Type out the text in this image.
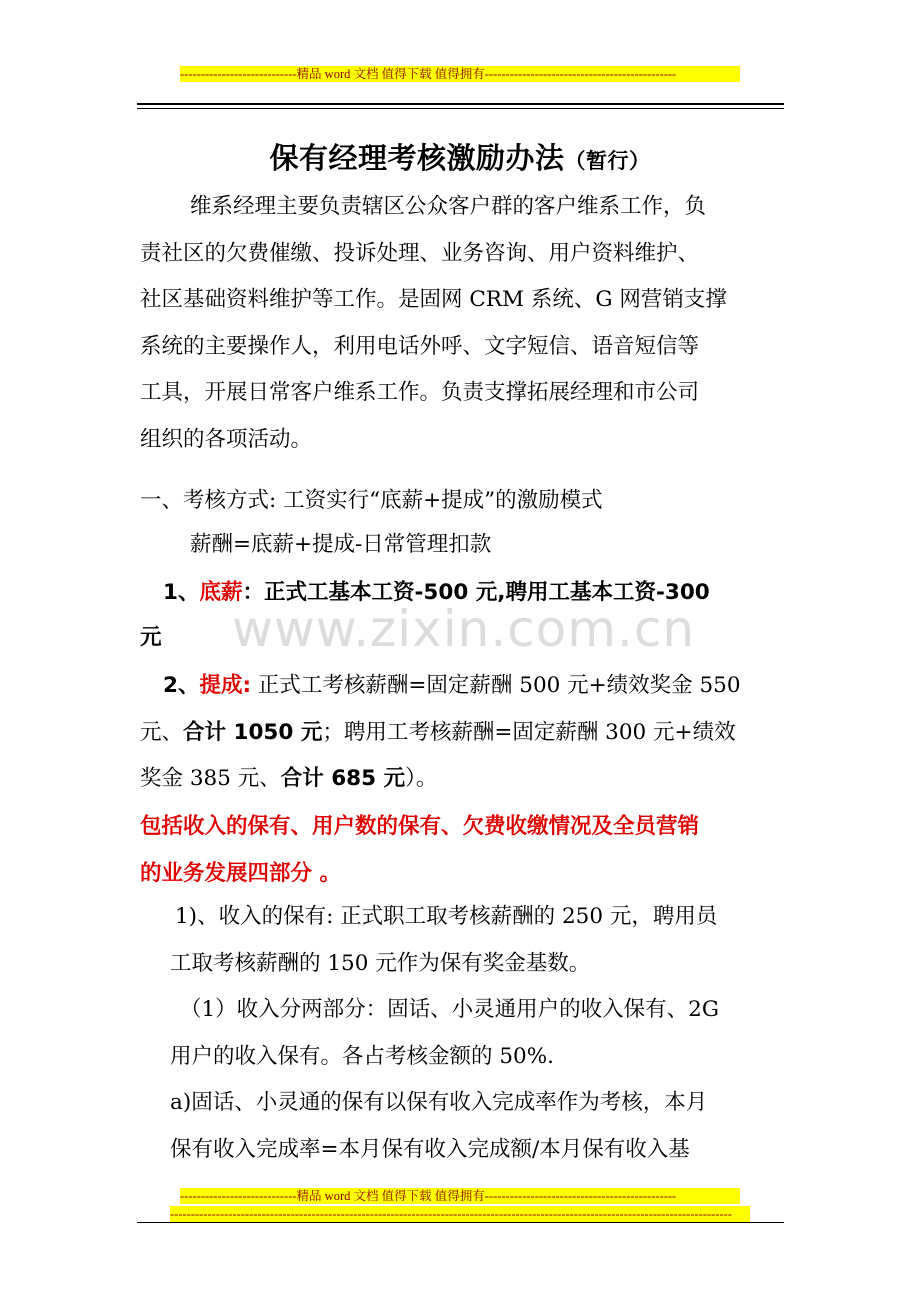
----------------------------精品 word 文档 值得下载 值得拥有----------------------------------------------
保有经理考核激励办法（暂行）
维系经理主要负责辖区公众客户群的客户维系工作，负
责社区的欠费催缴、投诉处理、业务咨询、用户资料维护、
社区基础资料维护等工作。是固网 CRM 系统、G 网营销支撑
系统的主要操作人，利用电话外呼、文字短信、语音短信等
工具，开展日常客户维系工作。负责支撑拓展经理和市公司
组织的各项活动。
一、考核方式: 工资实行“底薪+提成”的激励模式
薪酬=底薪+提成-日常管理扣款
1、底薪：正式工基本工资-500 元,聘用工基本工资-300
元
2、提成: 正式工考核薪酬=固定薪酬 500 元+绩效奖金 550
元、合计 1050 元；聘用工考核薪酬=固定薪酬 300 元+绩效
奖金 385 元、合计 685 元）。
包括收入的保有、用户数的保有、欠费收缴情况及全员营销
的业务发展四部分 。
1)、收入的保有: 正式职工取考核薪酬的 250 元，聘用员
工取考核薪酬的 150 元作为保有奖金基数。
（1）收入分两部分：固话、小灵通用户的收入保有、2G
用户的收入保有。各占考核金额的 50%.
a)固话、小灵通的保有以保有收入完成率作为考核，本月
保有收入完成率=本月保有收入完成额/本月保有收入基
www.zixin.com.cn
----------------------------精品 word 文档 值得下载 值得拥有----------------------------------------------
---------------------------------------------------------------------------------------------------------------------------------------
